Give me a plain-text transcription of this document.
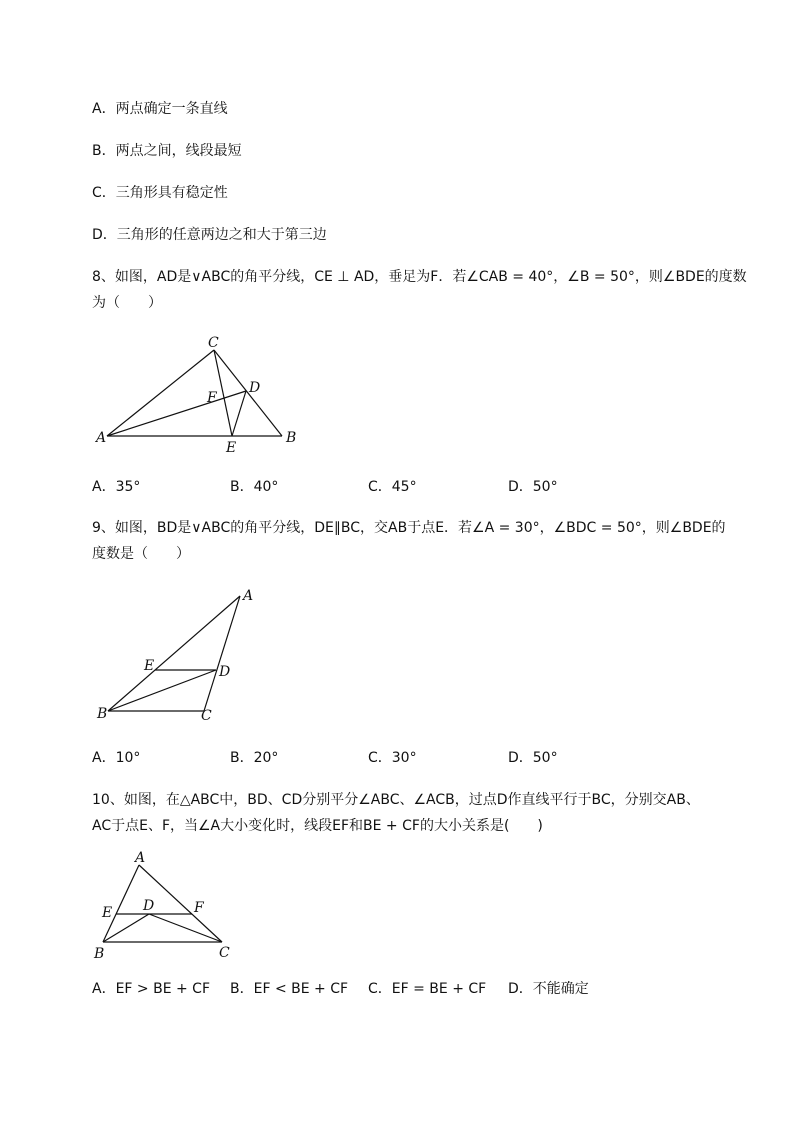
A．两点确定一条直线
B．两点之间，线段最短
C．三角形具有稳定性
D．三角形的任意两边之和大于第三边
8、如图，AD是∨ABC的角平分线，CE ⊥ AD，垂足为F．若∠CAB = 40°，∠B = 50°，则∠BDE的度数
为（　　）
C
D
F
A	B
E
A．35°	B．40°	C．45°	D．50°
9、如图，BD是∨ABC的角平分线，DE∥BC，交AB于点E．若∠A = 30°，∠BDC = 50°，则∠BDE的
度数是（　　）
A
E	D
B	C
A．10°	B．20°	C．30°	D．50°
10、如图，在△ABC中，BD、CD分别平分∠ABC、∠ACB，过点D作直线平行于BC，分别交AB、
AC于点E、F，当∠A大小变化时，线段EF和BE + CF的大小关系是(　　)
A
E D	F
B	C
A．EF > BE + CF B．EF < BE + CF C．EF = BE + CF D．不能确定
